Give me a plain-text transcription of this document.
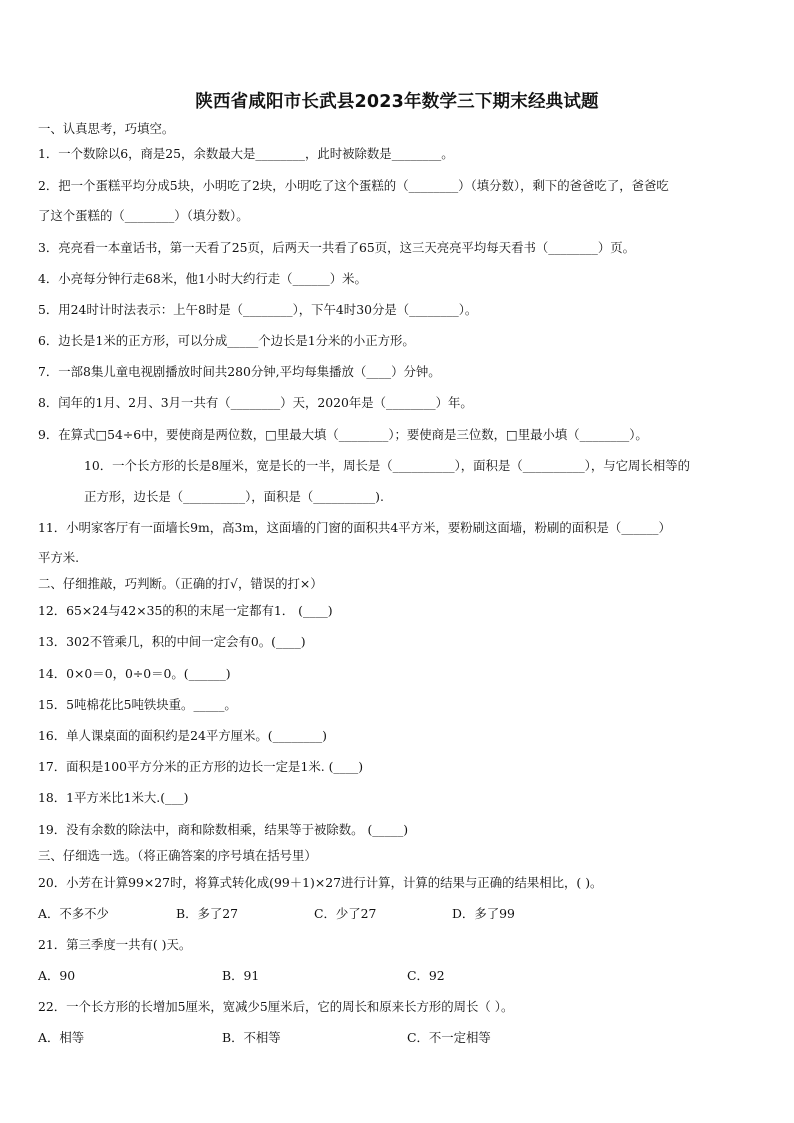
陕西省咸阳市长武县2023年数学三下期末经典试题
一、认真思考，巧填空。
1．一个数除以6，商是25，余数最大是________，此时被除数是________。
2．把一个蛋糕平均分成5块，小明吃了2块，小明吃了这个蛋糕的（________）（填分数），剩下的爸爸吃了，爸爸吃
了这个蛋糕的（________）（填分数）。
3．亮亮看一本童话书，第一天看了25页，后两天一共看了65页，这三天亮亮平均每天看书（________）页。
4．小亮每分钟行走68米，他1小时大约行走（______）米。
5．用24时计时法表示：上午8时是（________），下午4时30分是（________）。
6．边长是1米的正方形，可以分成_____个边长是1分米的小正方形。
7．一部8集儿童电视剧播放时间共280分钟,平均每集播放（____）分钟。
8．闰年的1月、2月、3月一共有（________）天，2020年是（________）年。
9．在算式□54÷6中，要使商是两位数，□里最大填（________）；要使商是三位数，□里最小填（________）。
10．一个长方形的长是8厘米，宽是长的一半，周长是（__________），面积是（__________），与它周长相等的
正方形，边长是（__________），面积是（__________).
11．小明家客厅有一面墙长9m，高3m，这面墙的门窗的面积共4平方米，要粉刷这面墙，粉刷的面积是（______）
平方米.
二、仔细推敲，巧判断。（正确的打√，错误的打×）
12．65×24与42×35的积的末尾一定都有1． (____)
13．302不管乘几，积的中间一定会有0。(____)
14．0×0＝0，0÷0＝0。(______)
15．5吨棉花比5吨铁块重。_____。
16．单人课桌面的面积约是24平方厘米。(________)
17．面积是100平方分米的正方形的边长一定是1米. (____)
18．1平方米比1米大.(___)
19．没有余数的除法中，商和除数相乘，结果等于被除数。 (_____)
三、仔细选一选。（将正确答案的序号填在括号里）
20．小芳在计算99×27时，将算式转化成(99＋1)×27进行计算，计算的结果与正确的结果相比，( )。
A．不多不少	B．多了27	C．少了27	D．多了99
21．第三季度一共有( )天。
A．90	B．91	C．92
22．一个长方形的长增加5厘米，宽减少5厘米后，它的周长和原来长方形的周长（ ）。
A．相等	B．不相等	C．不一定相等
